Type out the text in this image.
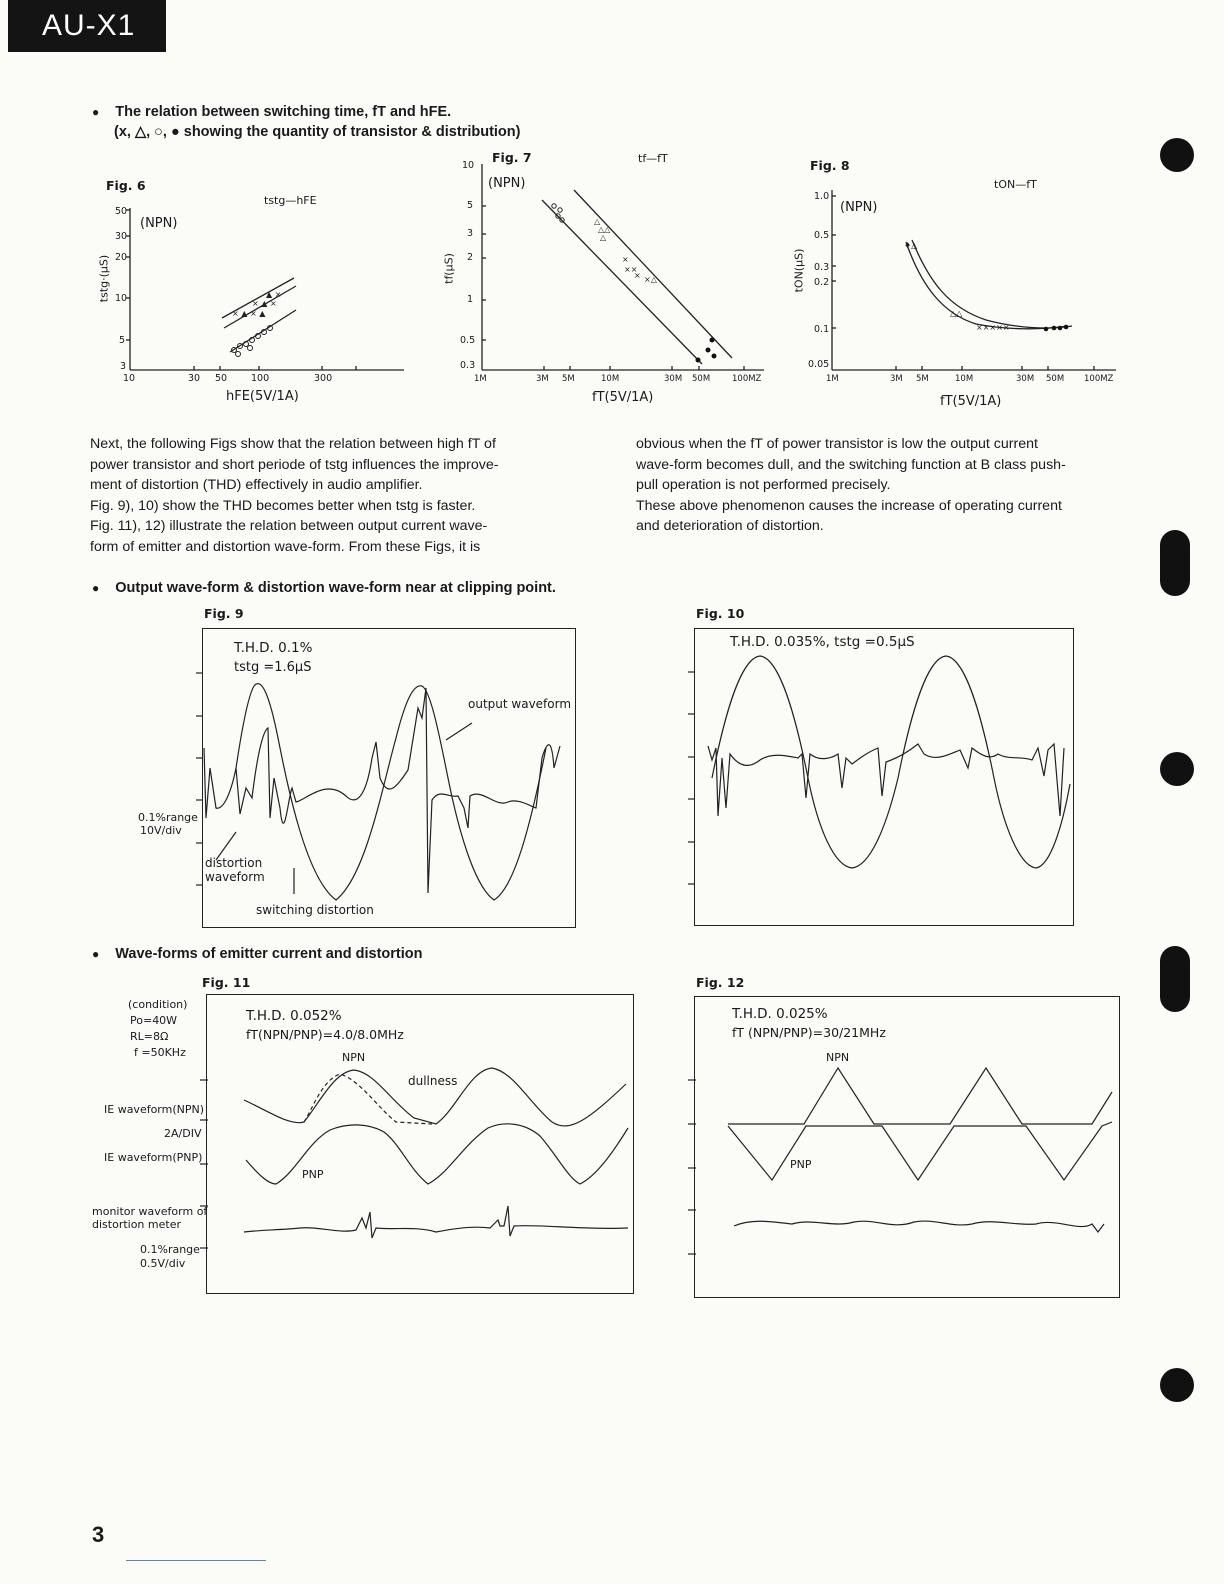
AU-X1
● The relation between switching time, fT and hFE.
(x, △, ○, ● showing the quantity of transistor & distribution)
Fig. 6
tstg—hFE
(NPN)
tstg·(μS)
hFE(5V/1A)
50
30
20
10
5
3
10	30 50	100	300
× ▲ × ▲
× ▲ ×
▲ ×
Fig. 7	tf—fT
(NPN)
tf(μS)
fT(5V/1A)
10
5
3
2
1
0.5
0.3
1M	3M 5M	10M	30M 50M	100MZ
△
△△
△
×
××
× ×△
Fig. 8
tON—fT
(NPN)
tON(μS)
fT(5V/1A)
1.0
0.5
0.3
0.2
0.1
0.05
1M	3M 5M	10M	30M 50M 100MZ
♦△
△△
×××××

Next, the following Figs show that the relation between high fT of

power transistor and short periode of tstg influences the improve-

ment of distortion (THD) effectively in audio amplifier.

Fig. 9), 10) show the THD becomes better when tstg is faster.

Fig. 11), 12) illustrate the relation between output current wave-

form of emitter and distortion wave-form. From these Figs, it is

obvious when the fT of power transistor is low the output current

wave-form becomes dull, and the switching function at B class push-

pull operation is not performed precisely.

These above phenomenon causes the increase of operating current

and deterioration of distortion.

● Output wave-form & distortion wave-form near at clipping point.
Fig. 9
T.H.D. 0.1%
tstg =1.6μS
output waveform
0.1%range
10V/div
distortion
waveform
switching distortion
Fig. 10
T.H.D. 0.035%, tstg =0.5μS
● Wave-forms of emitter current and distortion
Fig. 11
(condition)
Po=40W
RL=8Ω
f =50KHz
IE waveform(NPN)
2A/DIV
IE waveform(PNP)
monitor waveform of
distortion meter
0.1%range
0.5V/div
T.H.D. 0.052%
fT(NPN/PNP)=4.0/8.0MHz
NPN
dullness
PNP
Fig. 12
T.H.D. 0.025%
fT (NPN/PNP)=30/21MHz
NPN
PNP
3
